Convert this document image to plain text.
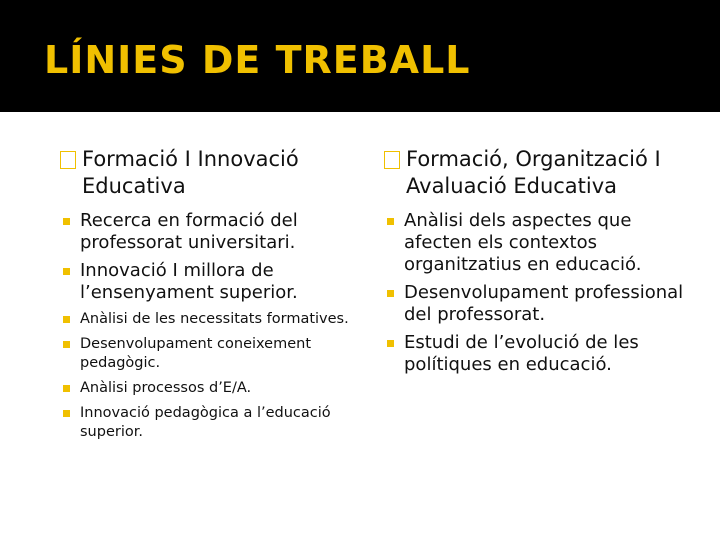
LÍNIES DE TREBALL
Formació I Innovació Educativa
Recerca en formació del professorat universitari.
Innovació I millora de l’ensenyament superior.
Anàlisi de les necessitats formatives.
Desenvolupament coneixement pedagògic.
Anàlisi processos d’E/A.
Innovació pedagògica a l’educació superior.
Formació, Organització I Avaluació Educativa
Anàlisi dels aspectes que afecten els contextos organitzatius en educació.
Desenvolupament professional del professorat.
Estudi de l’evolució de les polítiques en educació.
